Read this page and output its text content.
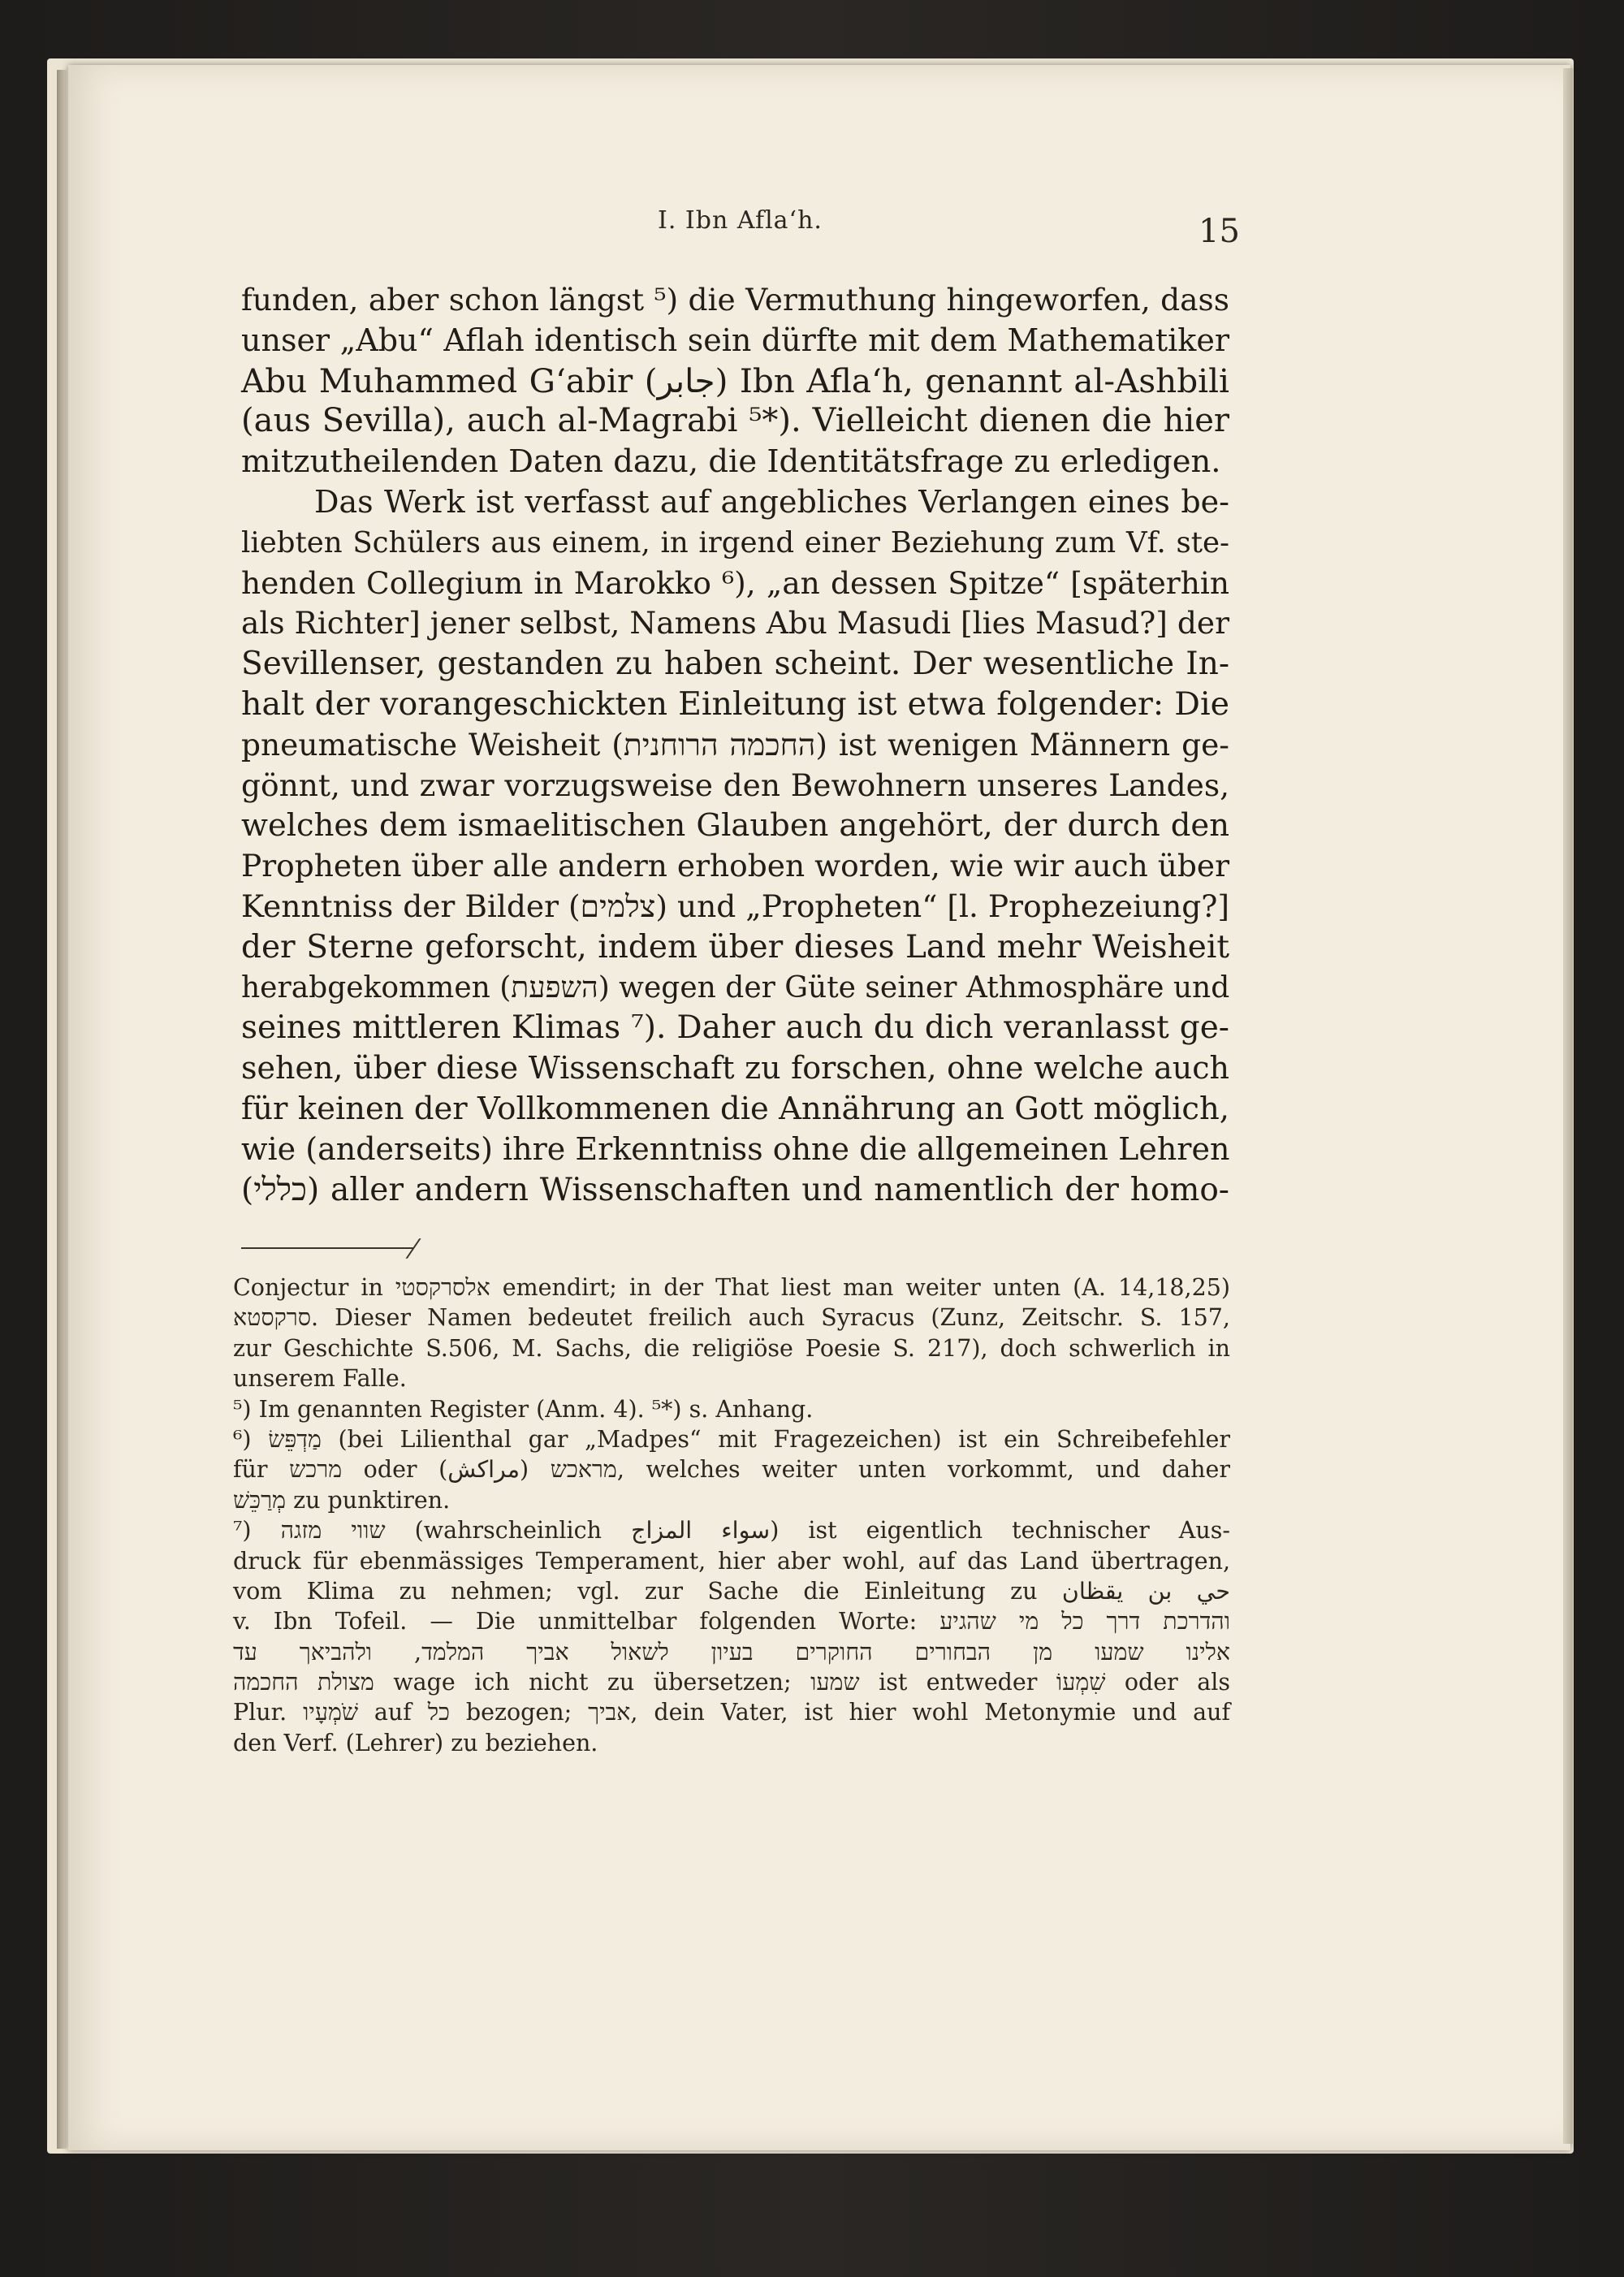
I. Ibn Afla‘h.	15
funden, aber schon längst ⁵) die Vermuthung hingeworfen, dass
unser „Abu“ Aflah identisch sein dürfte mit dem Mathematiker
Abu Muhammed G‘abir (جابر) Ibn Afla‘h, genannt al-Ashbili
(aus Sevilla), auch al-Magrabi ⁵*). Vielleicht dienen die hier
mitzutheilenden Daten dazu, die Identitätsfrage zu erledigen.
Das Werk ist verfasst auf angebliches Verlangen eines be-
liebten Schülers aus einem, in irgend einer Beziehung zum Vf. ste-
henden Collegium in Marokko ⁶), „an dessen Spitze“ [späterhin
als Richter] jener selbst, Namens Abu Masudi [lies Masud?] der
Sevillenser, gestanden zu haben scheint. Der wesentliche In-
halt der vorangeschickten Einleitung ist etwa folgender: Die
pneumatische Weisheit (החכמה הרוחנית) ist wenigen Männern ge-
gönnt, und zwar vorzugsweise den Bewohnern unseres Landes,
welches dem ismaelitischen Glauben angehört, der durch den
Propheten über alle andern erhoben worden, wie wir auch über
Kenntniss der Bilder (צלמים) und „Propheten“ [l. Prophezeiung?]
der Sterne geforscht, indem über dieses Land mehr Weisheit
herabgekommen (השפעת) wegen der Güte seiner Athmosphäre und
seines mittleren Klimas ⁷). Daher auch du dich veranlasst ge-
sehen, über diese Wissenschaft zu forschen, ohne welche auch
für keinen der Vollkommenen die Annährung an Gott möglich,
wie (anderseits) ihre Erkenntniss ohne die allgemeinen Lehren
(כללי) aller andern Wissenschaften und namentlich der homo-
/
Conjectur in אלסרקסטי emendirt; in der That liest man weiter unten (A. 14,18,25)
סרקסטא. Dieser Namen bedeutet freilich auch Syracus (Zunz, Zeitschr. S. 157,
zur Geschichte S.506, M. Sachs, die religiöse Poesie S. 217), doch schwerlich in
unserem Falle.
⁵) Im genannten Register (Anm. 4). ⁵*) s. Anhang.
⁶) מַדְפֵּשׂ (bei Lilienthal gar „Madpes“ mit Fragezeichen) ist ein Schreibefehler
für מרכש oder מראכש (مراكش), welches weiter unten vorkommt, und daher
מְרַכֵּשׁ zu punktiren.
⁷) שווי מזגה (wahrscheinlich سواء المزاج) ist eigentlich technischer Aus-
druck für ebenmässiges Temperament, hier aber wohl, auf das Land übertragen,
vom Klima zu nehmen; vgl. zur Sache die Einleitung zu حي بن يقظان
v. Ibn Tofeil. — Die unmittelbar folgenden Worte: והדרכת דרך כל מי שהגיע
אלינו שמעו מן הבחורים החוקרים בעיון לשאול אביך המלמד, ולהביאך עד
מצולת החכמה wage ich nicht zu übersetzen; שמעו ist entweder שִׁמְעוֹ oder als
Plur. שֹׁמְעָיו auf כל bezogen; אביך, dein Vater, ist hier wohl Metonymie und auf
den Verf. (Lehrer) zu beziehen.
